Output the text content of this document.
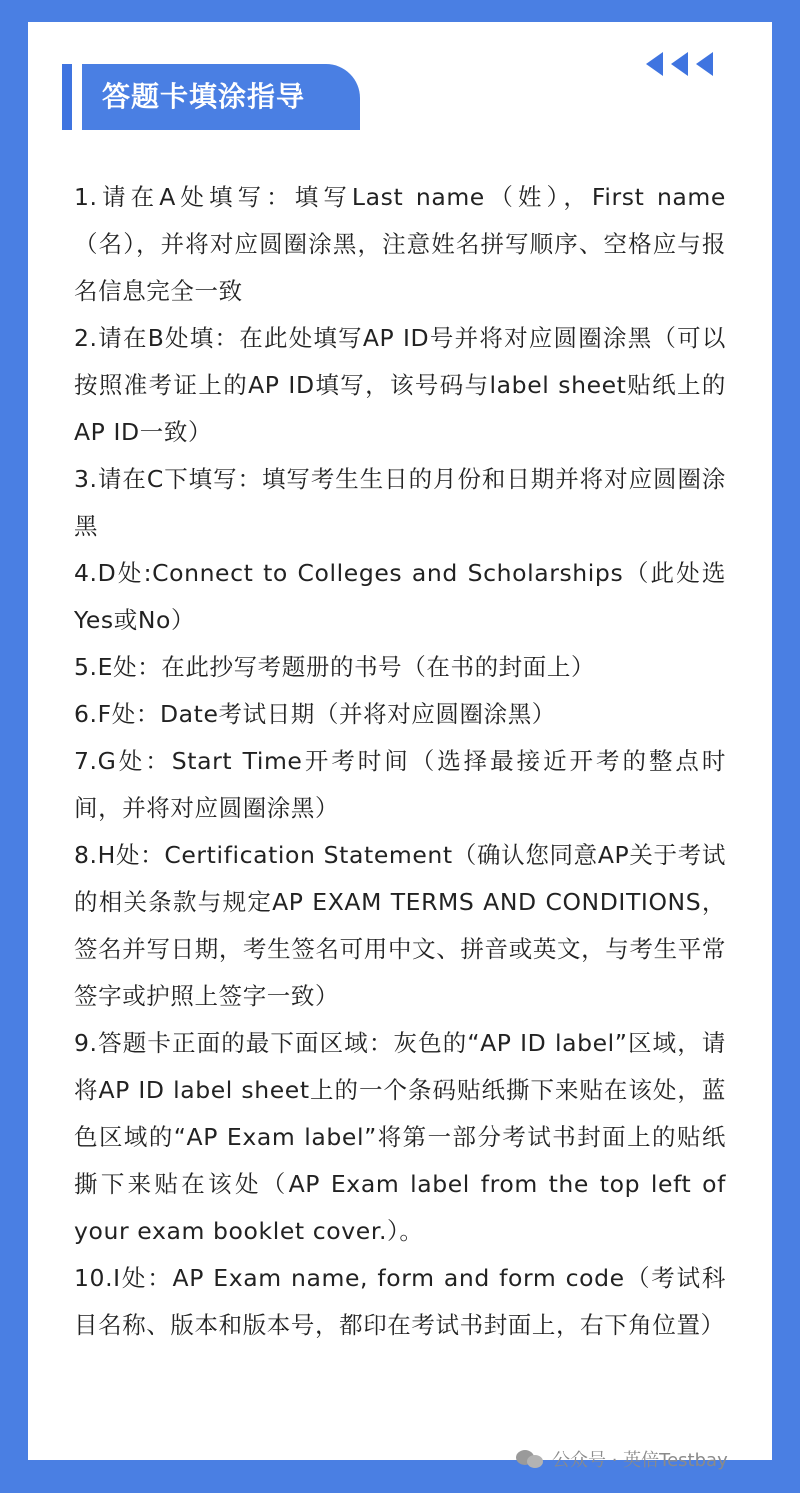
答题卡填涂指导

1.请在A处填写：填写Last name（姓），First name（名），并将对应圆圈涂黑，注意姓名拼写顺序、空格应与报名信息完全一致

2.请在B处填：在此处填写AP ID号并将对应圆圈涂黑（可以按照准考证上的AP ID填写，该号码与label sheet贴纸上的AP ID一致）

3.请在C下填写：填写考生生日的月份和日期并将对应圆圈涂黑

4.D处:Connect to Colleges and Scholarships（此处选Yes或No）

5.E处：在此抄写考题册的书号（在书的封面上）

6.F处：Date考试日期（并将对应圆圈涂黑）

7.G处：Start Time开考时间（选择最接近开考的整点时间，并将对应圆圈涂黑）

8.H处：Certification Statement（确认您同意AP关于考试的相关条款与规定AP EXAM TERMS AND CONDITIONS，签名并写日期，考生签名可用中文、拼音或英文，与考生平常签字或护照上签字一致）

9.答题卡正面的最下面区域：灰色的“AP ID label”区域，请将AP ID label sheet上的一个条码贴纸撕下来贴在该处，蓝色区域的“AP Exam label”将第一部分考试书封面上的贴纸撕下来贴在该处（AP Exam label from the top left of your exam booklet cover.）。

10.I处：AP Exam name, form and form code（考试科目名称、版本和版本号，都印在考试书封面上，右下角位置）

公众号 · 英倍Testbay
